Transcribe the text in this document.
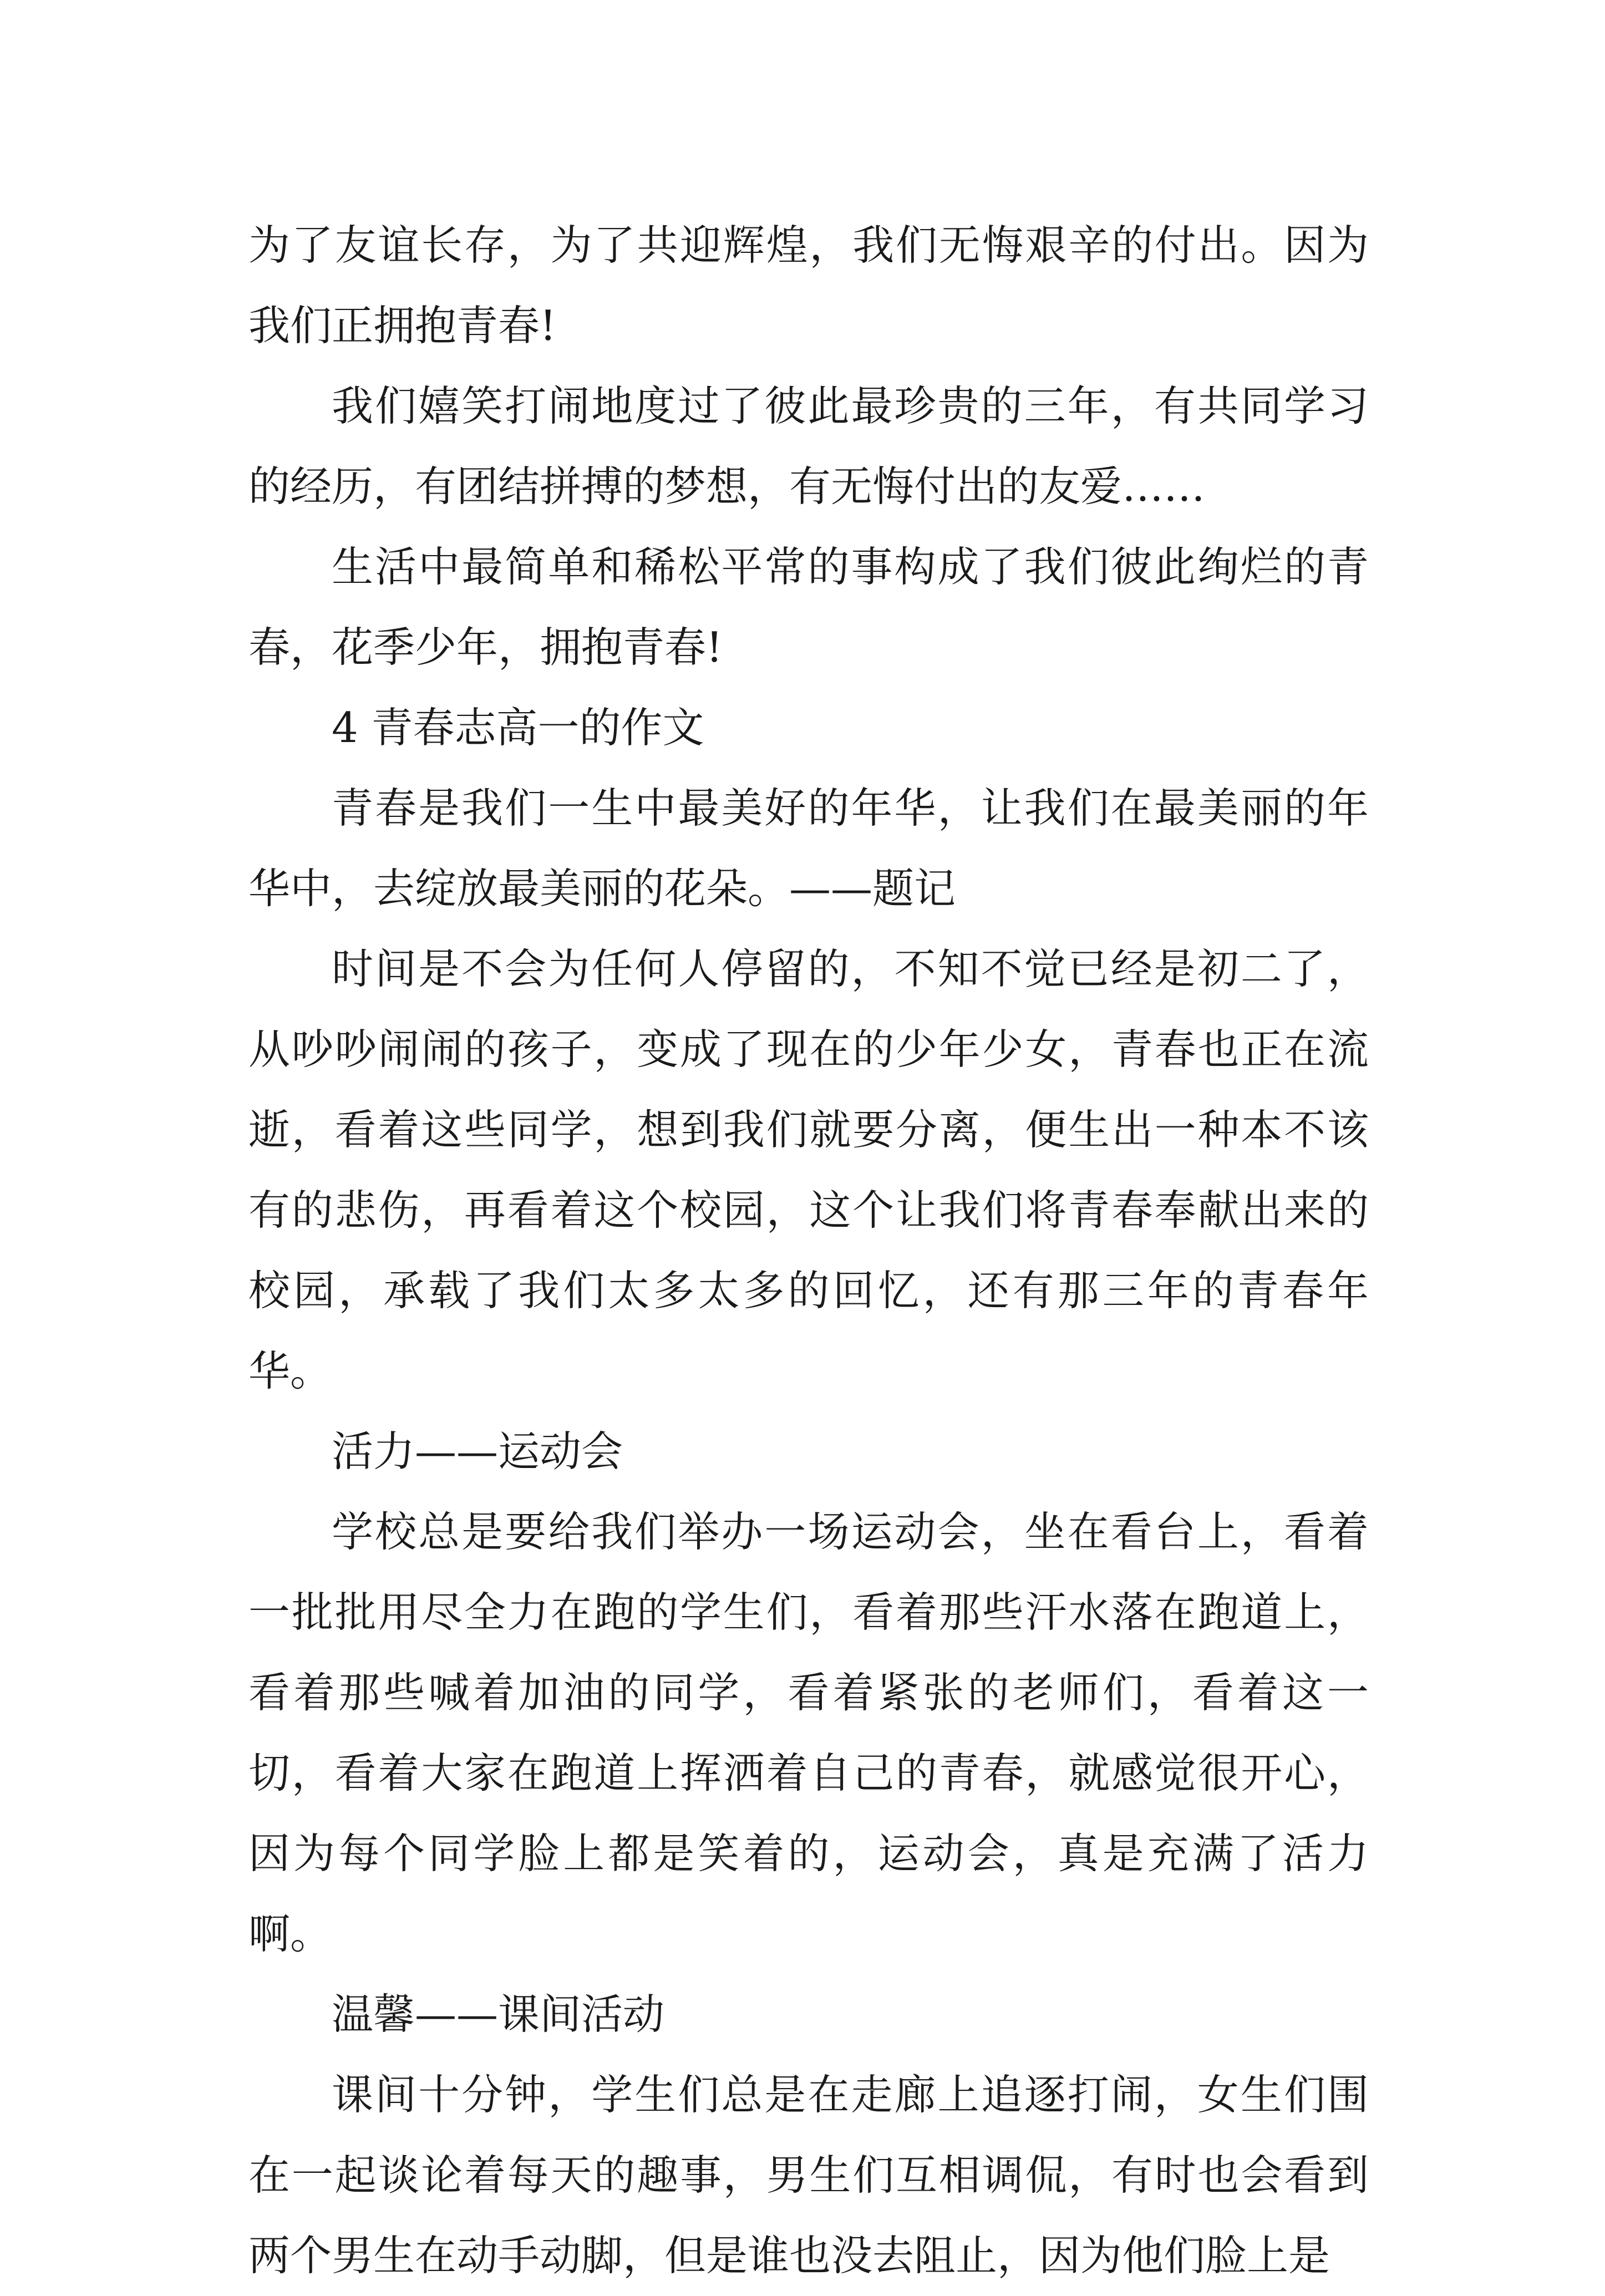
为了友谊长存，为了共迎辉煌，我们无悔艰辛的付出。因为我们正拥抱青春!

我们嬉笑打闹地度过了彼此最珍贵的三年，有共同学习的经历，有团结拼搏的梦想，有无悔付出的友爱……

生活中最简单和稀松平常的事构成了我们彼此绚烂的青春，花季少年，拥抱青春!

4 青春志高一的作文

青春是我们一生中最美好的年华，让我们在最美丽的年华中，去绽放最美丽的花朵。——题记

时间是不会为任何人停留的，不知不觉已经是初二了，从吵吵闹闹的孩子，变成了现在的少年少女，青春也正在流逝，看着这些同学，想到我们就要分离，便生出一种本不该有的悲伤，再看着这个校园，这个让我们将青春奉献出来的校园，承载了我们太多太多的回忆，还有那三年的青春年华。

活力——运动会

学校总是要给我们举办一场运动会，坐在看台上，看着一批批用尽全力在跑的学生们，看着那些汗水落在跑道上，看着那些喊着加油的同学，看着紧张的老师们，看着这一切，看着大家在跑道上挥洒着自己的青春，就感觉很开心，因为每个同学脸上都是笑着的，运动会，真是充满了活力啊。

温馨——课间活动

课间十分钟，学生们总是在走廊上追逐打闹，女生们围在一起谈论着每天的趣事，男生们互相调侃，有时也会看到两个男生在动手动脚，但是谁也没去阻止，因为他们脸上是
